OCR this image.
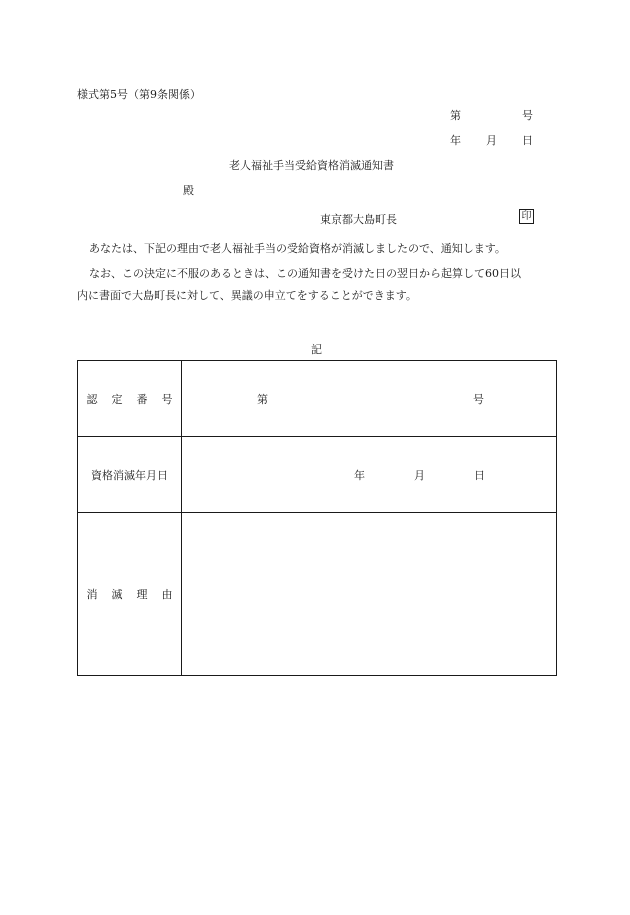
様式第5号（第9条関係）
第	号
年 月 日
老人福祉手当受給資格消滅通知書
殿
東京都大島町長	印
あなたは、下記の理由で老人福祉手当の受給資格が消滅しましたので、通知します。
なお、この決定に不服のあるときは、この通知書を受けた日の翌日から起算して60日以
内に書面で大島町長に対して、異議の申立てをすることができます。
記
認定番号	第 号

資格消滅年月日	年 月 日

消滅理由	
